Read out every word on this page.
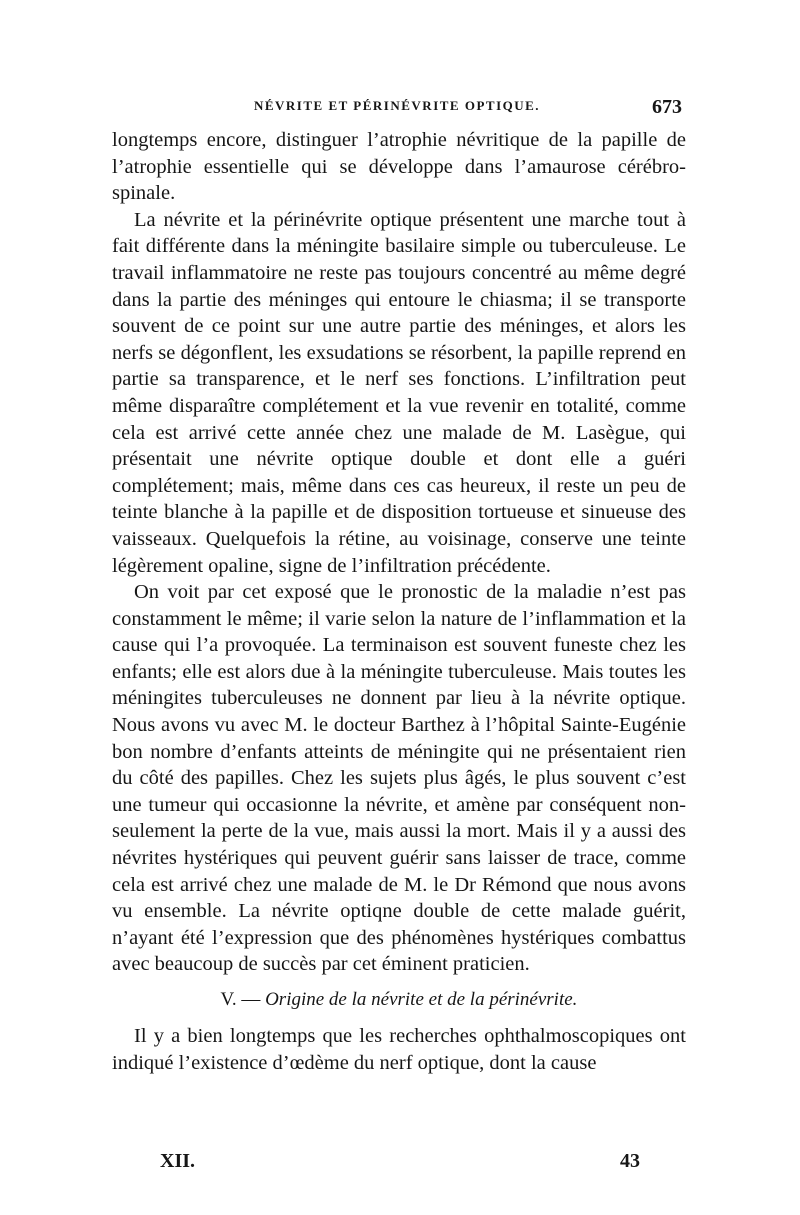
NÉVRITE ET PÉRINÉVRITE OPTIQUE.	673

longtemps encore, distinguer l’atrophie névritique de la papille de l’atrophie essentielle qui se développe dans l’amaurose cérébro-spinale.

La névrite et la périnévrite optique présentent une marche tout à fait différente dans la méningite basilaire simple ou tuberculeuse. Le travail inflammatoire ne reste pas toujours concentré au même degré dans la partie des méninges qui entoure le chiasma; il se transporte souvent de ce point sur une autre partie des méninges, et alors les nerfs se dégonflent, les exsudations se résorbent, la papille reprend en partie sa transparence, et le nerf ses fonctions. L’infiltration peut même disparaître complétement et la vue revenir en totalité, comme cela est arrivé cette année chez une malade de M. Lasègue, qui présentait une névrite optique double et dont elle a guéri complétement; mais, même dans ces cas heureux, il reste un peu de teinte blanche à la papille et de disposition tortueuse et sinueuse des vaisseaux. Quelquefois la rétine, au voisinage, conserve une teinte légèrement opaline, signe de l’infiltration précédente.

On voit par cet exposé que le pronostic de la maladie n’est pas constamment le même; il varie selon la nature de l’inflammation et la cause qui l’a provoquée. La terminaison est souvent funeste chez les enfants; elle est alors due à la méningite tuberculeuse. Mais toutes les méningites tuberculeuses ne donnent par lieu à la névrite optique. Nous avons vu avec M. le docteur Barthez à l’hôpital Sainte-Eugénie bon nombre d’enfants atteints de méningite qui ne présentaient rien du côté des papilles. Chez les sujets plus âgés, le plus souvent c’est une tumeur qui occasionne la névrite, et amène par conséquent non-seulement la perte de la vue, mais aussi la mort. Mais il y a aussi des névrites hystériques qui peuvent guérir sans laisser de trace, comme cela est arrivé chez une malade de M. le Dr Rémond que nous avons vu ensemble. La névrite optiqne double de cette malade guérit, n’ayant été l’expression que des phénomènes hystériques combattus avec beaucoup de succès par cet éminent praticien.

V. — Origine de la névrite et de la périnévrite.

Il y a bien longtemps que les recherches ophthalmoscopiques ont indiqué l’existence d’œdème du nerf optique, dont la cause

XII.	43
